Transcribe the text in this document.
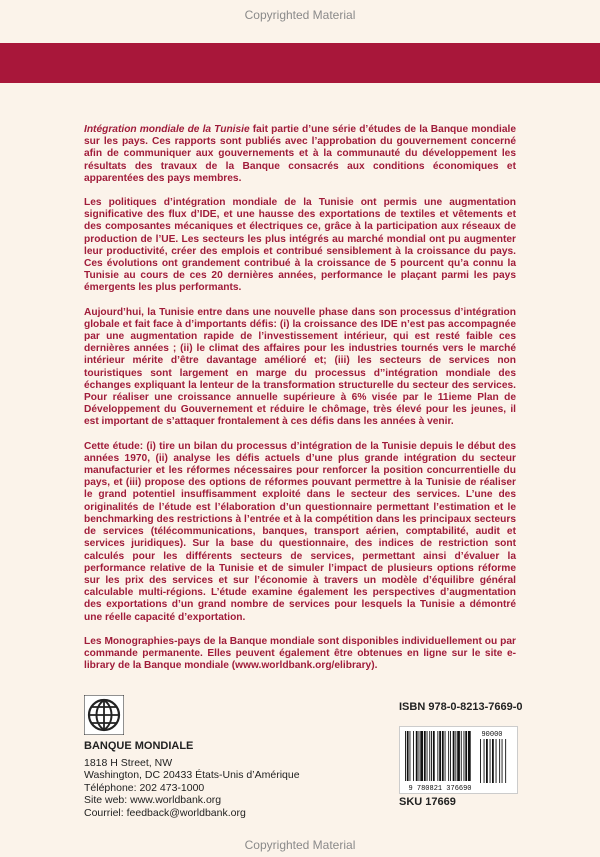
Copyrighted Material

Intégration mondiale de la Tunisie fait partie d’une série d’études de la Banque mondiale sur les pays. Ces rapports sont publiés avec l’approbation du gouvernement concerné afin de communiquer aux gouvernements et à la communauté du développement les résultats des travaux de la Banque consacrés aux conditions économiques et apparentées des pays membres.

Les politiques d’intégration mondiale de la Tunisie ont permis une augmentation significative des flux d’IDE, et une hausse des exportations de textiles et vêtements et des composantes mécaniques et électriques ce, grâce à la participation aux réseaux de production de l’UE. Les secteurs les plus intégrés au marché mondial ont pu augmenter leur productivité, créer des emplois et contribué sensiblement à la croissance du pays. Ces évolutions ont grandement contribué à la croissance de 5 pourcent qu’a connu la Tunisie au cours de ces 20 dernières années, performance le plaçant parmi les pays émergents les plus performants.

Aujourd’hui, la Tunisie entre dans une nouvelle phase dans son processus d’intégration globale et fait face à d’importants défis: (i) la croissance des IDE n’est pas accompagnée par une augmentation rapide de l’investissement intérieur, qui est resté faible ces dernières années ; (ii) le climat des affaires pour les industries tournés vers le marché intérieur mérite d’être davantage amélioré et; (iii) les secteurs de services non touristiques sont largement en marge du processus d’’intégration mondiale des échanges expliquant la lenteur de la transformation structurelle du secteur des services. Pour réaliser une croissance annuelle supérieure à 6% visée par le 11ieme Plan de Développement du Gouvernement et réduire le chômage, très élevé pour les jeunes, il est important de s’attaquer frontalement à ces défis dans les années à venir.

Cette étude: (i) tire un bilan du processus d’intégration de la Tunisie depuis le début des années 1970, (ii) analyse les défis actuels d’une plus grande intégration du secteur manufacturier et les réformes nécessaires pour renforcer la position concurrentielle du pays, et (iii) propose des options de réformes pouvant permettre à la Tunisie de réaliser le grand potentiel insuffisamment exploité dans le secteur des services. L’une des originalités de l’étude est l’élaboration d’un questionnaire permettant l’estimation et le benchmarking des restrictions à l’entrée et à la compétition dans les principaux secteurs de services (télécommunications, banques, transport aérien, comptabilité, audit et services juridiques). Sur la base du questionnaire, des indices de restriction sont calculés pour les différents secteurs de services, permettant ainsi d’évaluer la performance relative de la Tunisie et de simuler l’impact de plusieurs options réforme sur les prix des services et sur l’économie à travers un modèle d’équilibre général calculable multi-régions. L’étude examine également les perspectives d’augmentation des exportations d’un grand nombre de services pour lesquels la Tunisie a démontré une réelle capacité d’exportation.

Les Monographies-pays de la Banque mondiale sont disponibles individuellement ou par commande permanente. Elles peuvent également être obtenues en ligne sur le site e-library de la Banque mondiale (www.worldbank.org/elibrary).

BANQUE MONDIALE
1818 H Street, NW
Washington, DC 20433 États-Unis d’Amérique
Téléphone: 202 473-1000
Site web: www.worldbank.org
Courriel: feedback@worldbank.org
ISBN 978-0-8213-7669-0
90000
9 780821 376690
SKU 17669
Copyrighted Material
